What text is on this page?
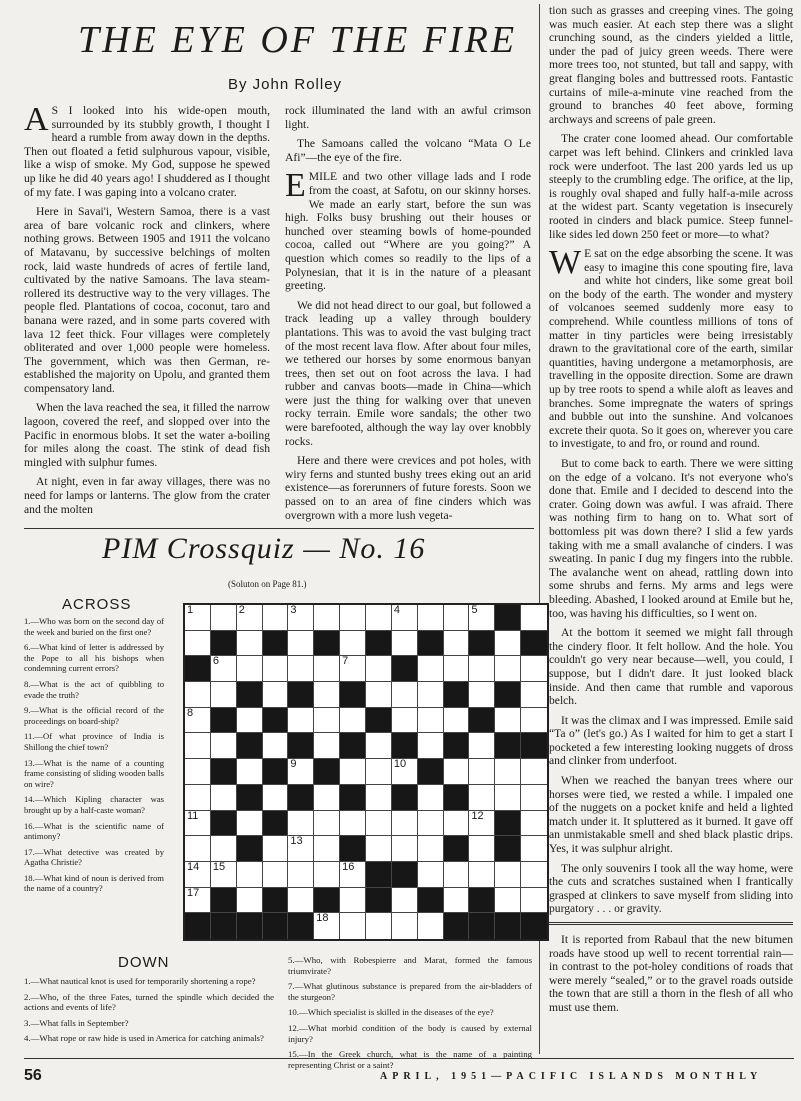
THE EYE OF THE FIRE
By John Rolley

A S I looked into his wide-open mouth, surrounded by its stubbly growth, I thought I heard a rumble from away down in the depths. Then out floated a fetid sulphurous vapour, visible, like a wisp of smoke. My God, suppose he spewed up like he did 40 years ago! I shuddered as I thought of my fate. I was gaping into a volcano crater.

Here in Savai'i, Western Samoa, there is a vast area of bare volcanic rock and clinkers, where nothing grows. Between 1905 and 1911 the volcano of Matavanu, by successive belchings of molten rock, laid waste hundreds of acres of fertile land, cultivated by the native Samoans. The lava steam-rollered its destructive way to the very villages. The people fled. Plantations of cocoa, coconut, taro and banana were razed, and in some parts covered with lava 12 feet thick. Four villages were completely obliterated and over 1,000 people were homeless. The government, which was then German, re-established the majority on Upolu, and granted them compensatory land.

When the lava reached the sea, it filled the narrow lagoon, covered the reef, and slopped over into the Pacific in enormous blobs. It set the water a-boiling for miles along the coast. The stink of dead fish mingled with sulphur fumes.

At night, even in far away villages, there was no need for lamps or lanterns. The glow from the crater and the molten

rock illuminated the land with an awful crimson light.

The Samoans called the volcano “Mata O Le Afi”—the eye of the fire.

EMILE and two other village lads and I rode from the coast, at Safotu, on our skinny horses. We made an early start, before the sun was high. Folks busy brushing out their houses or hunched over steaming bowls of home-pounded cocoa, called out “Where are you going?” A question which comes so readily to the lips of a Polynesian, that it is in the nature of a pleasant greeting.

We did not head direct to our goal, but followed a track leading up a valley through bouldery plantations. This was to avoid the vast bulging tract of the most recent lava flow. After about four miles, we tethered our horses by some enormous banyan trees, then set out on foot across the lava. I had rubber and canvas boots—made in China—which were just the thing for walking over that uneven rocky terrain. Emile wore sandals; the other two were barefooted, although the way lay over knobbly rocks.

Here and there were crevices and pot holes, with wiry ferns and stunted bushy trees eking out an arid existence—as forerunners of future forests. Soon we passed on to an area of fine cinders which was overgrown with a more lush vegeta-

tion such as grasses and creeping vines. The going was much easier. At each step there was a slight crunching sound, as the cinders yielded a little, under the pad of juicy green weeds. There were more trees too, not stunted, but tall and sappy, with great flanging boles and buttressed roots. Fantastic curtains of mile-a-minute vine reached from the ground to branches 40 feet above, forming archways and screens of pale green.

The crater cone loomed ahead. Our comfortable carpet was left behind. Clinkers and crinkled lava rock were underfoot. The last 200 yards led us up steeply to the crumbling edge. The orifice, at the lip, is roughly oval shaped and fully half-a-mile across at the widest part. Scanty vegetation is insecurely rooted in cinders and black pumice. Steep funnel-like sides led down 250 feet or more—to what?

W E sat on the edge absorbing the scene. It was easy to imagine this cone spouting fire, lava and white hot cinders, like some great boil on the body of the earth. The wonder and mystery of volcanoes seemed suddenly more easy to comprehend. While countless millions of tons of matter in tiny particles were being irresistably drawn to the gravitational core of the earth, similar quantities, having undergone a metamorphosis, are travelling in the opposite direction. Some are drawn up by tree roots to spend a while aloft as leaves and branches. Some impregnate the waters of springs and bubble out into the sunshine. And volcanoes excrete their quota. So it goes on, wherever you care to investigate, to and fro, or round and round.

But to come back to earth. There we were sitting on the edge of a volcano. It's not everyone who's done that. Emile and I decided to descend into the crater. Going down was awful. I was afraid. There was nothing firm to hang on to. What sort of bottomless pit was down there? I slid a few yards taking with me a small avalanche of cinders. I was sweating. In panic I dug my fingers into the rubble. The avalanche went on ahead, rattling down into some shrubs and ferns. My arms and legs were bleeding. Abashed, I looked around at Emile but he, too, was having his difficulties, so I went on.

At the bottom it seemed we might fall through the cindery floor. It felt hollow. And the hole. You couldn't go very near because—well, you could, I suppose, but I didn't dare. It just looked black inside. And then came that rumble and vaporous belch.

It was the climax and I was impressed. Emile said “Ta o” (let's go.) As I waited for him to get a start I pocketed a few interesting looking nuggets of dross and clinker from underfoot.

When we reached the banyan trees where our horses were tied, we rested a while. I impaled one of the nuggets on a pocket knife and held a lighted match under it. It spluttered as it burned. It gave off an unmistakable smell and shed black plastic drips. Yes, it was sulphur alright.

The only souvenirs I took all the way home, were the cuts and scratches sustained when I frantically grasped at clinkers to save myself from sliding into purgatory . . . or gravity.

It is reported from Rabaul that the new bitumen roads have stood up well to recent torrential rain—in contrast to the pot-holey conditions of roads that were merely “sealed,” or to the gravel roads outside the town that are still a thorn in the flesh of all who must use them.

PIM Crossquiz — No. 16
(Soluton on Page 81.)
ACROSS

1.—Who was born on the second day of the week and buried on the first one?

6.—What kind of letter is addressed by the Pope to all his bishops when condemning current errors?

8.—What is the act of quibbling to evade the truth?

9.—What is the official record of the proceedings on board-ship?

11.—Of what province of India is Shillong the chief town?

13.—What is the name of a counting frame consisting of sliding wooden balls on wire?

14.—Which Kipling character was brought up by a half-caste woman?

16.—What is the scientific name of antimony?

17.—What detective was created by Agatha Christie?

18.—What kind of noun is derived from the name of a country?

1	2	3	4	5
6	7
8
9	10
11	12
13
14 15	16
17
18
DOWN

1.—What nautical knot is used for temporarily shortening a rope?

2.—Who, of the three Fates, turned the spindle which decided the actions and events of life?

3.—What falls in September?

4.—What rope or raw hide is used in America for catching animals?

5.—Who, with Robespierre and Marat, formed the famous triumvirate?

7.—What glutinous substance is prepared from the air-bladders of the sturgeon?

10.—Which specialist is skilled in the diseases of the eye?

12.—What morbid condition of the body is caused by external injury?

15.—In the Greek church, what is the name of a painting representing Christ or a saint?

56	APRIL, 1951—PACIFIC ISLANDS MONTHLY
